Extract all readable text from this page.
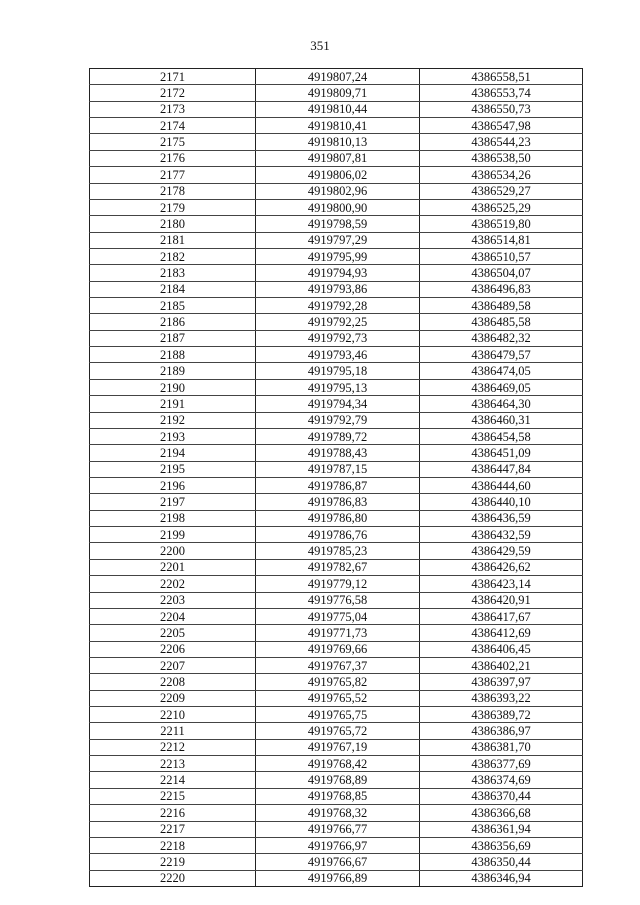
351
2171	4919807,24	4386558,51
2172	4919809,71	4386553,74
2173	4919810,44	4386550,73
2174	4919810,41	4386547,98
2175	4919810,13	4386544,23
2176	4919807,81	4386538,50
2177	4919806,02	4386534,26
2178	4919802,96	4386529,27
2179	4919800,90	4386525,29
2180	4919798,59	4386519,80
2181	4919797,29	4386514,81
2182	4919795,99	4386510,57
2183	4919794,93	4386504,07
2184	4919793,86	4386496,83
2185	4919792,28	4386489,58
2186	4919792,25	4386485,58
2187	4919792,73	4386482,32
2188	4919793,46	4386479,57
2189	4919795,18	4386474,05
2190	4919795,13	4386469,05
2191	4919794,34	4386464,30
2192	4919792,79	4386460,31
2193	4919789,72	4386454,58
2194	4919788,43	4386451,09
2195	4919787,15	4386447,84
2196	4919786,87	4386444,60
2197	4919786,83	4386440,10
2198	4919786,80	4386436,59
2199	4919786,76	4386432,59
2200	4919785,23	4386429,59
2201	4919782,67	4386426,62
2202	4919779,12	4386423,14
2203	4919776,58	4386420,91
2204	4919775,04	4386417,67
2205	4919771,73	4386412,69
2206	4919769,66	4386406,45
2207	4919767,37	4386402,21
2208	4919765,82	4386397,97
2209	4919765,52	4386393,22
2210	4919765,75	4386389,72
2211	4919765,72	4386386,97
2212	4919767,19	4386381,70
2213	4919768,42	4386377,69
2214	4919768,89	4386374,69
2215	4919768,85	4386370,44
2216	4919768,32	4386366,68
2217	4919766,77	4386361,94
2218	4919766,97	4386356,69
2219	4919766,67	4386350,44
2220	4919766,89	4386346,94
